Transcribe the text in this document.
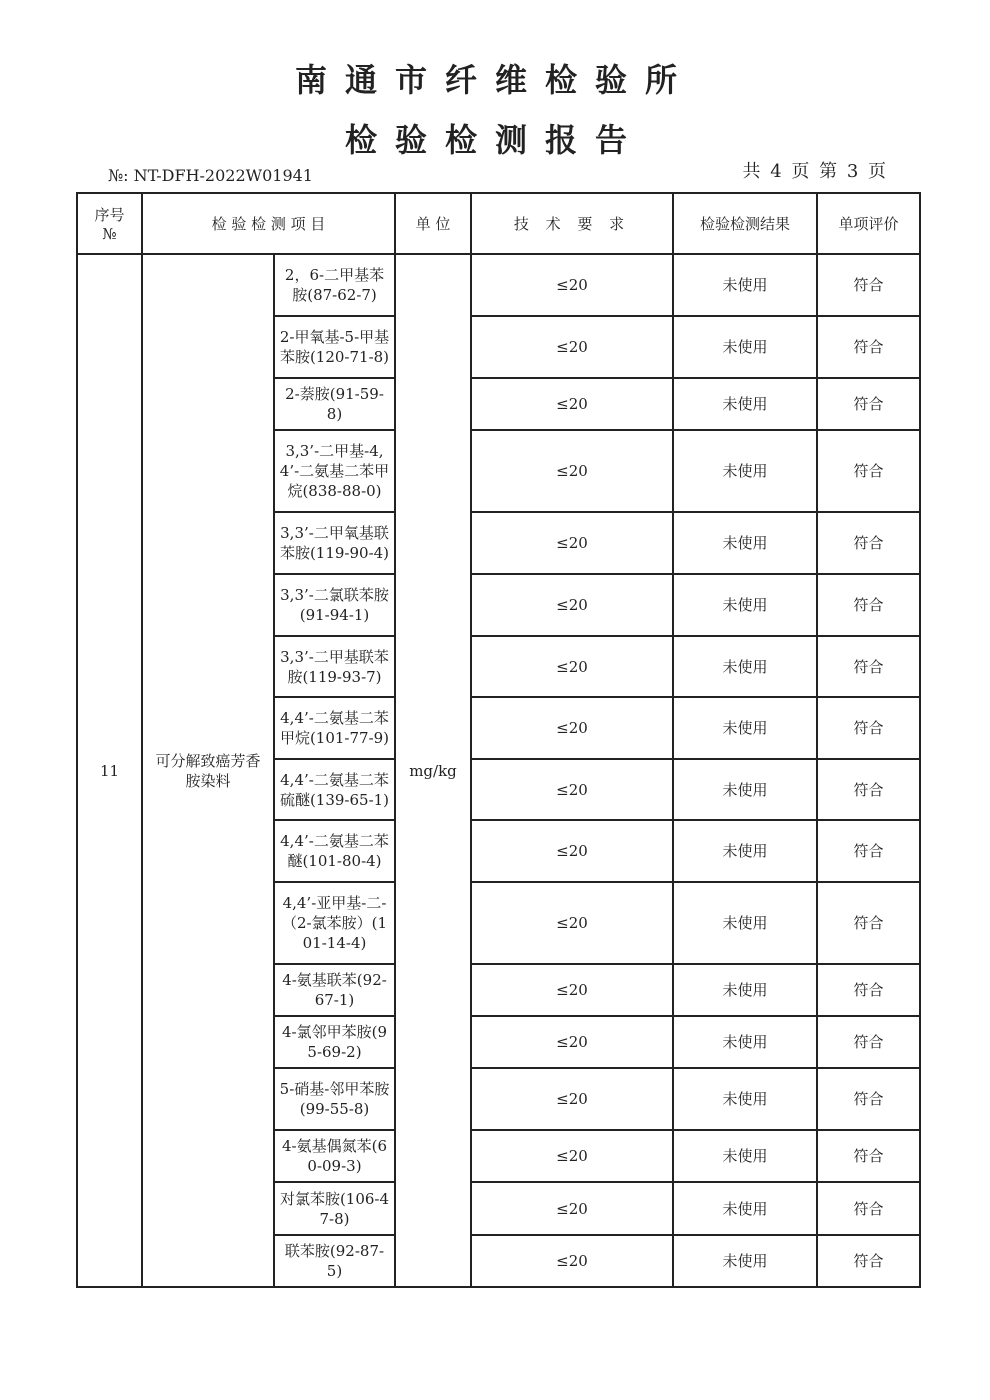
南通市纤维检验所
检验检测报告
№: NT-DFH-2022W01941	共 4 页 第 3 页
序号
№	检 验 检 测 项 目		单 位	技 术 要 求	检验检测结果	单项评价
11	可分解致癌芳香胺染料	2，6-二甲基苯胺(87-62-7)	mg/kg	≤20	未使用	符合
		2-甲氧基-5-甲基苯胺(120-71-8)		≤20	未使用	符合
		2-萘胺(91-59-8)		≤20	未使用	符合
		3,3’-二甲基-4,4’-二氨基二苯甲烷(838-88-0)		≤20	未使用	符合
		3,3’-二甲氧基联苯胺(119-90-4)		≤20	未使用	符合
		3,3’-二氯联苯胺(91-94-1)		≤20	未使用	符合
		3,3’-二甲基联苯胺(119-93-7)		≤20	未使用	符合
		4,4’-二氨基二苯甲烷(101-77-9)		≤20	未使用	符合
		4,4’-二氨基二苯硫醚(139-65-1)		≤20	未使用	符合
		4,4’-二氨基二苯醚(101-80-4)		≤20	未使用	符合
		4,4’-亚甲基-二-（2-氯苯胺）(101-14-4)		≤20	未使用	符合
		4-氨基联苯(92-67-1)		≤20	未使用	符合
		4-氯邻甲苯胺(95-69-2)		≤20	未使用	符合
		5-硝基-邻甲苯胺(99-55-8)		≤20	未使用	符合
		4-氨基偶氮苯(60-09-3)		≤20	未使用	符合
		对氯苯胺(106-47-8)		≤20	未使用	符合
		联苯胺(92-87-5)		≤20	未使用	符合
